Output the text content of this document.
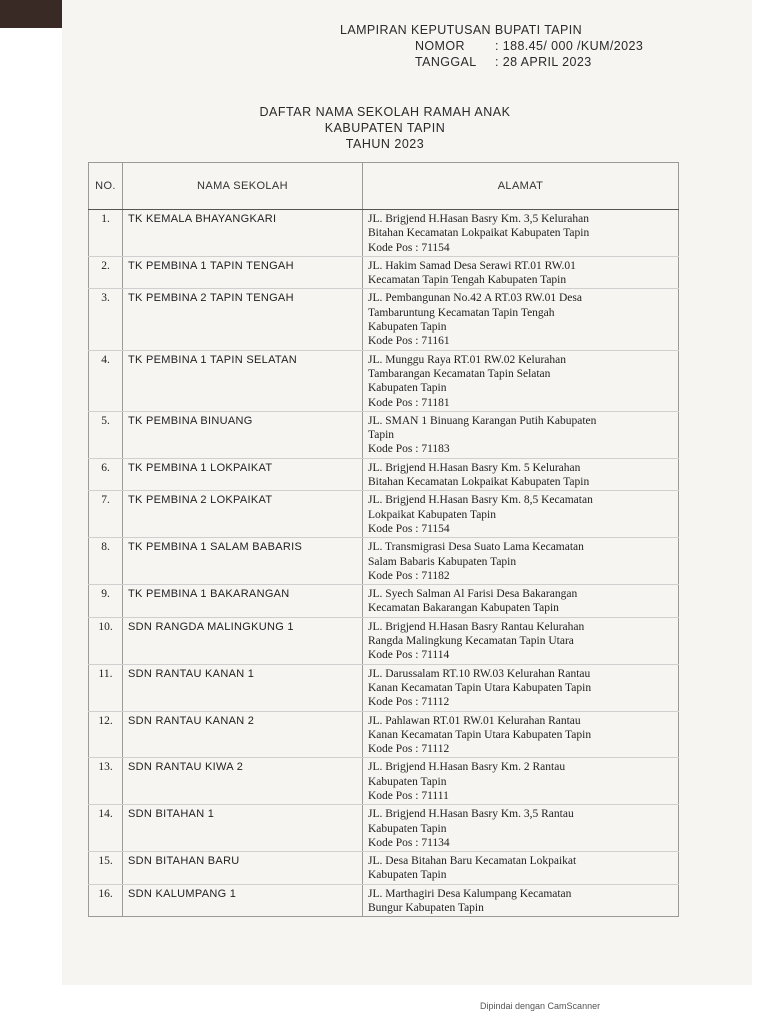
LAMPIRAN KEPUTUSAN BUPATI TAPIN
NOMOR : 188.45/ 000 /KUM/2023
TANGGAL : 28 APRIL 2023
DAFTAR NAMA SEKOLAH RAMAH ANAK
KABUPATEN TAPIN
TAHUN 2023
NO.	NAMA SEKOLAH	ALAMAT
1.	TK KEMALA BHAYANGKARI	JL. Brigjend H.Hasan Basry Km. 3,5 Kelurahan
Bitahan Kecamatan Lokpaikat Kabupaten Tapin
Kode Pos : 71154

2.	TK PEMBINA 1 TAPIN TENGAH	JL. Hakim Samad Desa Serawi RT.01 RW.01
Kecamatan Tapin Tengah Kabupaten Tapin

3.	TK PEMBINA 2 TAPIN TENGAH	JL. Pembangunan No.42 A RT.03 RW.01 Desa
Tambaruntung Kecamatan Tapin Tengah
Kabupaten Tapin
Kode Pos : 71161

4.	TK PEMBINA 1 TAPIN SELATAN	JL. Munggu Raya RT.01 RW.02 Kelurahan
Tambarangan Kecamatan Tapin Selatan
Kabupaten Tapin
Kode Pos : 71181

5.	TK PEMBINA BINUANG	JL. SMAN 1 Binuang Karangan Putih Kabupaten
Tapin
Kode Pos : 71183

6.	TK PEMBINA 1 LOKPAIKAT	JL. Brigjend H.Hasan Basry Km. 5 Kelurahan
Bitahan Kecamatan Lokpaikat Kabupaten Tapin

7.	TK PEMBINA 2 LOKPAIKAT	JL. Brigjend H.Hasan Basry Km. 8,5 Kecamatan
Lokpaikat Kabupaten Tapin
Kode Pos : 71154

8.	TK PEMBINA 1 SALAM BABARIS	JL. Transmigrasi Desa Suato Lama Kecamatan
Salam Babaris Kabupaten Tapin
Kode Pos : 71182

9.	TK PEMBINA 1 BAKARANGAN	JL. Syech Salman Al Farisi Desa Bakarangan
Kecamatan Bakarangan Kabupaten Tapin

10.	SDN RANGDA MALINGKUNG 1	JL. Brigjend H.Hasan Basry Rantau Kelurahan
Rangda Malingkung Kecamatan Tapin Utara
Kode Pos : 71114

11.	SDN RANTAU KANAN 1	JL. Darussalam RT.10 RW.03 Kelurahan Rantau
Kanan Kecamatan Tapin Utara Kabupaten Tapin
Kode Pos : 71112

12.	SDN RANTAU KANAN 2	JL. Pahlawan RT.01 RW.01 Kelurahan Rantau
Kanan Kecamatan Tapin Utara Kabupaten Tapin
Kode Pos : 71112

13.	SDN RANTAU KIWA 2	JL. Brigjend H.Hasan Basry Km. 2 Rantau
Kabupaten Tapin
Kode Pos : 71111

14.	SDN BITAHAN 1	JL. Brigjend H.Hasan Basry Km. 3,5 Rantau
Kabupaten Tapin
Kode Pos : 71134

15.	SDN BITAHAN BARU	JL. Desa Bitahan Baru Kecamatan Lokpaikat
Kabupaten Tapin

16.	SDN KALUMPANG 1	JL. Marthagiri Desa Kalumpang Kecamatan
Bungur Kabupaten Tapin
Dipindai dengan CamScanner
